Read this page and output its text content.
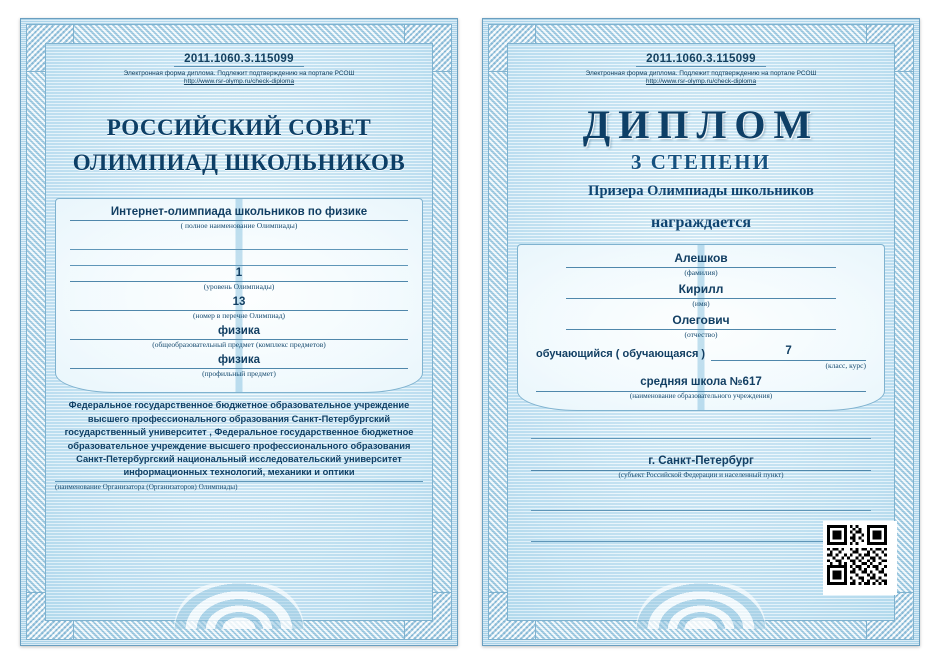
2011.1060.3.115099
Электронная форма диплома. Подлежит подтверждению на портале РСОШ
http://www.rsr-olymp.ru/check-diploma
РОССИЙСКИЙ СОВЕТ
ОЛИМПИАД ШКОЛЬНИКОВ
Интернет-олимпиада школьников по физике
( полное наименование Олимпиады)
1
(уровень Олимпиады)
13
(номер в перечне Олимпиад)
физика
(общеобразовательный предмет (комплекс предметов)
физика
(профильный предмет)
Федеральное государственное бюджетное образовательное учреждение высшего профессионального образования Санкт-Петербургский государственный университет , Федеральное государственное бюджетное образовательное учреждение высшего профессионального образования Санкт-Петербургский национальный исследовательский университет информационных технологий, механики и оптики
(наименование Организатора (Организаторов) Олимпиады)
2011.1060.3.115099
Электронная форма диплома. Подлежит подтверждению на портале РСОШ
http://www.rsr-olymp.ru/check-diploma
ДИПЛОМ
3 СТЕПЕНИ
Призера Олимпиады школьников
награждается
Алешков
(фамилия)
Кирилл
(имя)
Олегович
(отчество)
обучающийся ( обучающаяся )	7
(класс, курс)
средняя школа №617
(наименование образовательного учреждения)
г. Санкт-Петербург
(субъект Российской Федерации и населенный пункт)
